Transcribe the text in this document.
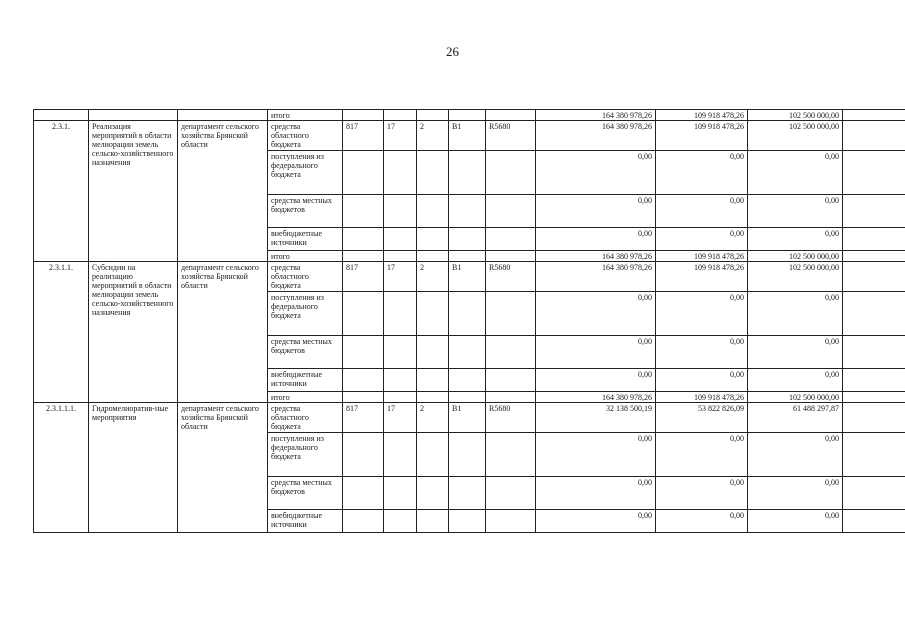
26
			итого						164 380 978,26	109 918 478,26	102 500 000,00	
2.3.1.	Реализация мероприятий в области мелиорации земель сельско-хозяйственного назначения	департамент сельского хозяйства Брянской области	средства областного бюджета	817	17	2	В1	R5680	164 380 978,26	109 918 478,26	102 500 000,00	
			поступления из федерального бюджета						0,00	0,00	0,00	
			средства местных бюджетов						0,00	0,00	0,00	
			внебюджетные источники						0,00	0,00	0,00	
			итого						164 380 978,26	109 918 478,26	102 500 000,00	
2.3.1.1.	Субсидии на реализацию мероприятий в области мелиорации земель сельско-хозяйственного назначения	департамент сельского хозяйства Брянской области	средства областного бюджета	817	17	2	В1	R5680	164 380 978,26	109 918 478,26	102 500 000,00	
			поступления из федерального бюджета						0,00	0,00	0,00	
			средства местных бюджетов						0,00	0,00	0,00	
			внебюджетные источники						0,00	0,00	0,00	
			итого						164 380 978,26	109 918 478,26	102 500 000,00	
2.3.1.1.1.	Гидромелиоратив-ные мероприятия	департамент сельского хозяйства Брянской области	средства областного бюджета	817	17	2	В1	R5680	32 138 500,19	53 822 826,09	61 488 297,87	
			поступления из федерального бюджета						0,00	0,00	0,00	
			средства местных бюджетов						0,00	0,00	0,00	
			внебюджетные источники						0,00	0,00	0,00	
